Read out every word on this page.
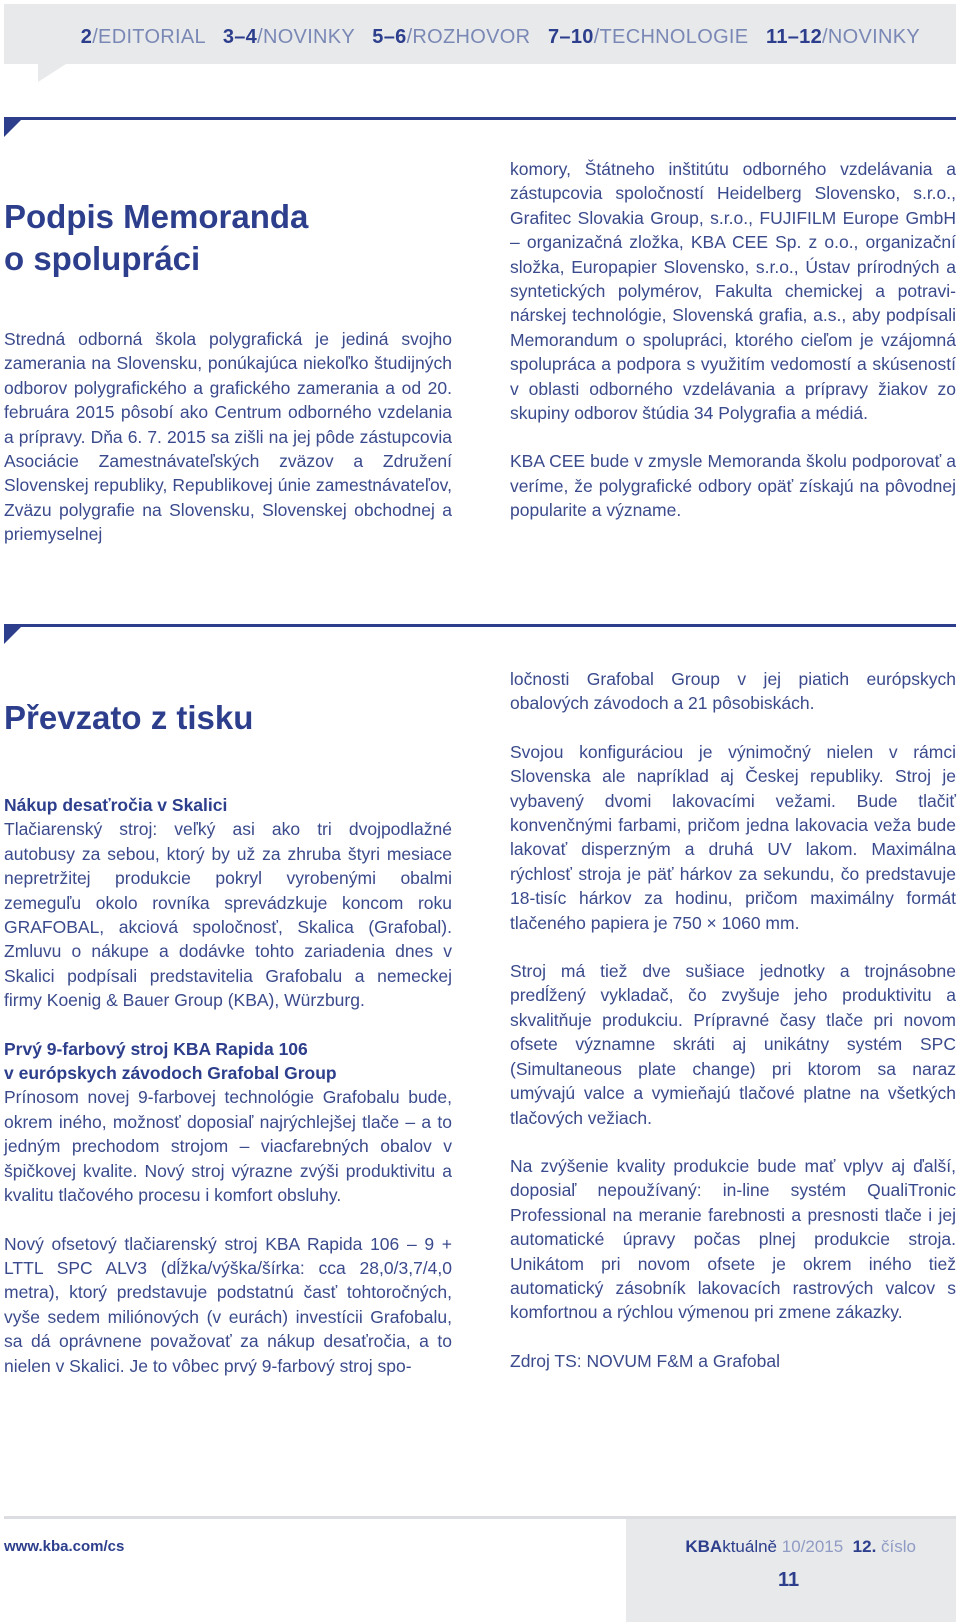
2/EDITORIAL 3–4/NOVINKY 5–6/ROZHOVOR 7–10/TECHNOLOGIE 11–12/NOVINKY
Podpis Memoranda
o spolupráci

Stredná odborná škola polygrafická je jediná svojho zamerania na Slovensku, ponúkajúca niekoľko študijných odborov polygrafického a grafického zamerania a od 20. februára 2015 pôsobí ako Centrum odborného vzdelania a prípravy. Dňa 6. 7. 2015 sa zišli na jej pôde zástupcovia Asociácie Zamestnávateľských zväzov a Združení Slovenskej republiky, Republikovej únie zamestnávateľov, Zväzu polygrafie na Slovensku, Slovenskej obchodnej a priemyselnej

komory, Štátneho inštitútu odborného vzdelávania a zástupcovia spoločností Heidelberg Slovensko, s.r.o., Grafitec Slovakia Group, s.r.o., FUJIFILM Europe GmbH – organizačná zložka, KBA CEE Sp. z o.o., organizační složka, Europapier Slovensko, s.r.o., Ústav prírodných a syntetických polymérov, Fakulta chemickej a potravinárskej technológie, Slovenská grafia, a.s., aby podpísali Memorandum o spolupráci, ktorého cieľom je vzájomná spolupráca a podpora s využitím vedomostí a skúseností v oblasti odborného vzdelávania a prípravy žiakov zo skupiny odborov štúdia 34 Polygrafia a médiá.

KBA CEE bude v zmysle Memoranda školu podporovať a veríme, že polygrafické odbory opäť získajú na pôvodnej popularite a význame.

Převzato z tisku

Nákup desaťročia v Skalici
Tlačiarenský stroj: veľký asi ako tri dvojpodlažné autobusy za sebou, ktorý by už za zhruba štyri mesiace nepretržitej produkcie pokryl vyrobenými obalmi zemeguľu okolo rovníka sprevádzkuje koncom roku GRAFOBAL, akciová spoločnosť, Skalica (Grafobal). Zmluvu o nákupe a dodávke tohto zariadenia dnes v Skalici podpísali predstavitelia Grafobalu a nemeckej firmy Koenig & Bauer Group (KBA), Würzburg.

Prvý 9-farbový stroj KBA Rapida 106
v európskych závodoch Grafobal Group
Prínosom novej 9-farbovej technológie Grafobalu bude, okrem iného, možnosť doposiaľ najrýchlejšej tlače – a to jedným prechodom strojom – viacfarebných obalov v špičkovej kvalite. Nový stroj výrazne zvýši produktivitu a kvalitu tlačového procesu i komfort obsluhy.

Nový ofsetový tlačiarenský stroj KBA Rapida 106 – 9 + LTTL SPC ALV3 (dĺžka/výška/šírka: cca 28,0/3,7/4,0 metra), ktorý predstavuje podstatnú časť tohtoročných, vyše sedem miliónových (v eurách) investícii Grafobalu, sa dá oprávnene považovať za nákup desaťročia, a to nielen v Skalici. Je to vôbec prvý 9-farbový stroj spo-

ločnosti Grafobal Group v jej piatich európskych obalových závodoch a 21 pôsobiskách.

Svojou konfiguráciou je výnimočný nielen v rámci Slovenska ale napríklad aj Českej republiky. Stroj je vybavený dvomi lakovacími vežami. Bude tlačiť konvenčnými farbami, pričom jedna lakovacia veža bude lakovať disperzným a druhá UV lakom. Maximálna rýchlosť stroja je päť hárkov za sekundu, čo predstavuje 18-tisíc hárkov za hodinu, pričom maximálny formát tlačeného papiera je 750 × 1060 mm.

Stroj má tiež dve sušiace jednotky a trojnásobne predĺžený vykladač, čo zvyšuje jeho produktivitu a skvalitňuje produkciu. Prípravné časy tlače pri novom ofsete významne skráti aj unikátny systém SPC (Simultaneous plate change) pri ktorom sa naraz umývajú valce a vymieňajú tlačové platne na všetkých tlačových vežiach.

Na zvýšenie kvality produkcie bude mať vplyv aj ďalší, doposiaľ nepoužívaný: in-line systém QualiTronic Professional na meranie farebnosti a presnosti tlače i jej automatické úpravy počas plnej produkcie stroja. Unikátom pri novom ofsete je okrem iného tiež automatický zásobník lakovacích rastrových valcov s komfortnou a rýchlou výmenou pri zmene zákazky.

Zdroj TS: NOVUM F&M a Grafobal

www.kba.com/cs	KBAktuálně 10/2015 12. číslo
11
